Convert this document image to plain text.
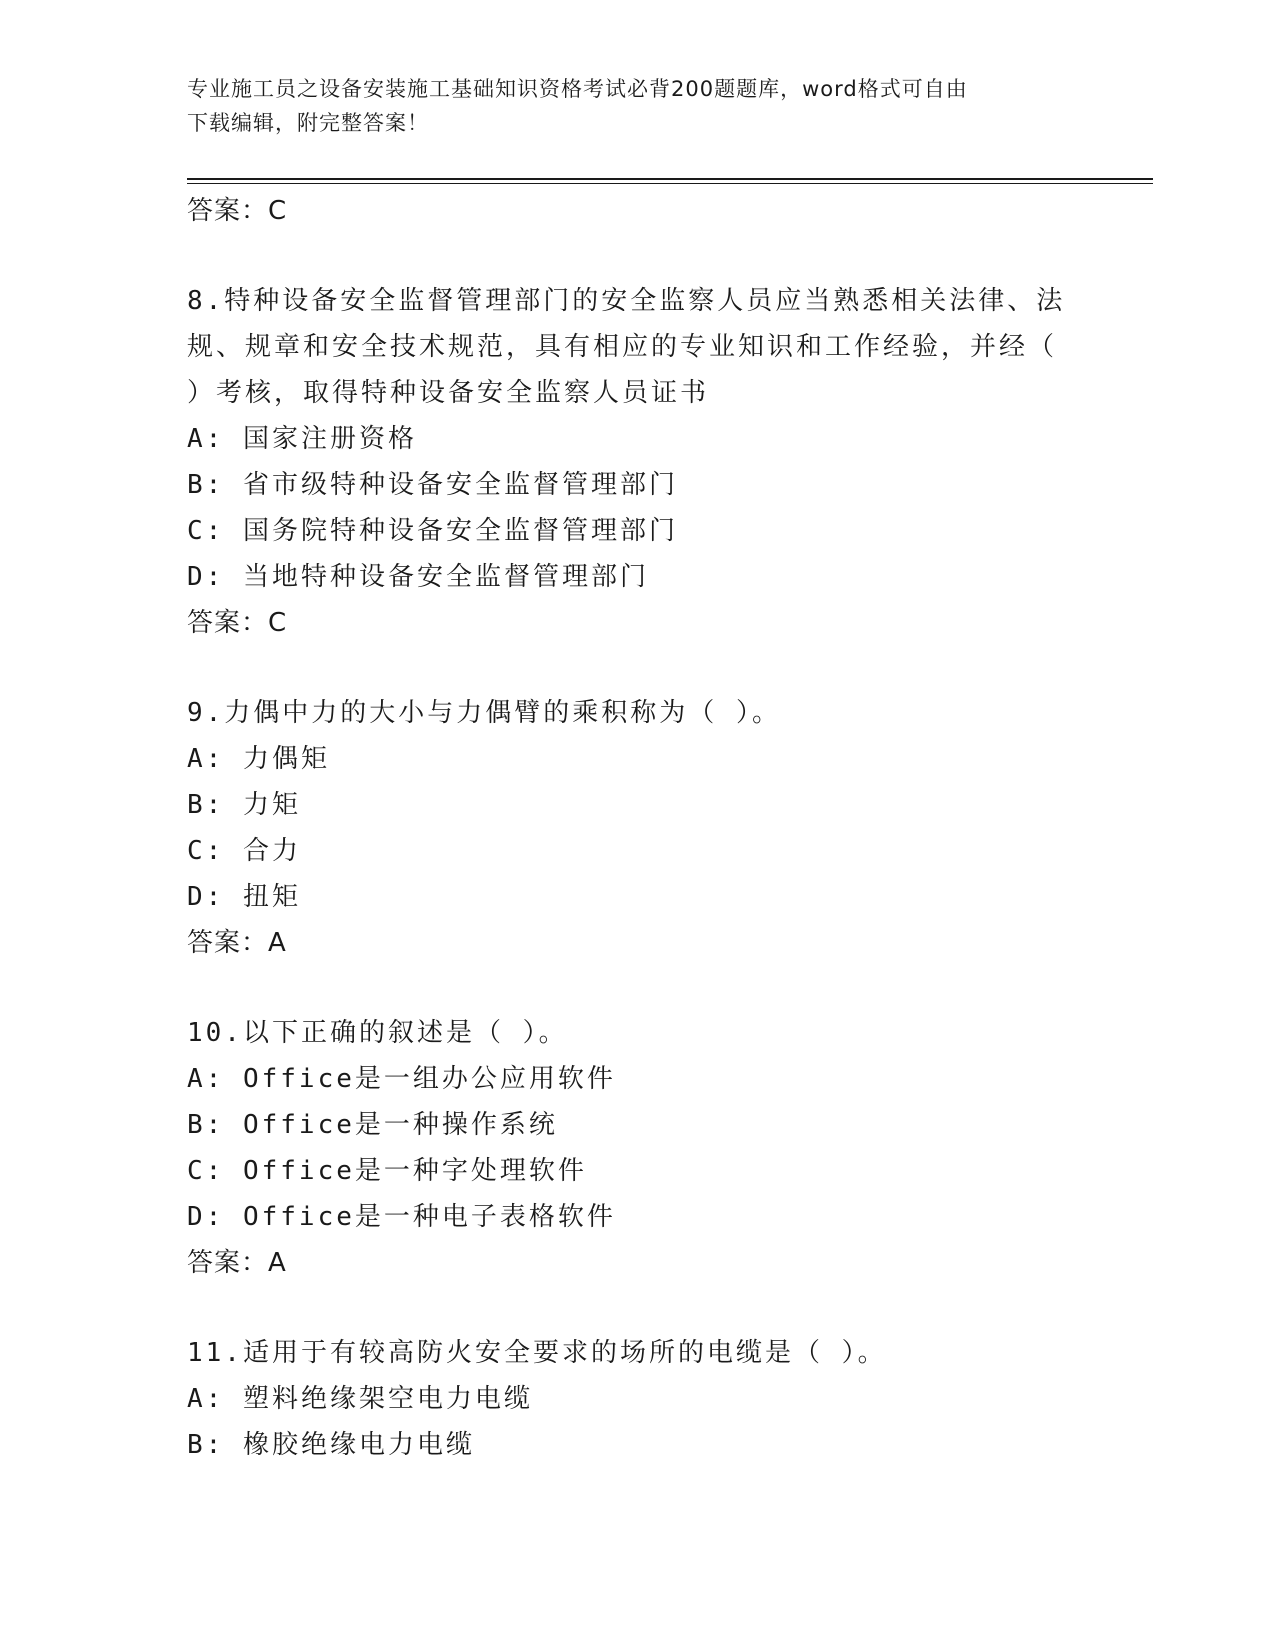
专业施工员之设备安装施工基础知识资格考试必背200题题库，word格式可自由
下载编辑，附完整答案！
答案：C
8.特种设备安全监督管理部门的安全监察人员应当熟悉相关法律、法
规、规章和安全技术规范，具有相应的专业知识和工作经验，并经（
）考核，取得特种设备安全监察人员证书
A: 国家注册资格
B: 省市级特种设备安全监督管理部门
C: 国务院特种设备安全监督管理部门
D: 当地特种设备安全监督管理部门
答案：C
9.力偶中力的大小与力偶臂的乘积称为（ ）。
A: 力偶矩
B: 力矩
C: 合力
D: 扭矩
答案：A
10.以下正确的叙述是（ ）。
A: Office是一组办公应用软件
B: Office是一种操作系统
C: Office是一种字处理软件
D: Office是一种电子表格软件
答案：A
11.适用于有较高防火安全要求的场所的电缆是（ ）。
A: 塑料绝缘架空电力电缆
B: 橡胶绝缘电力电缆
